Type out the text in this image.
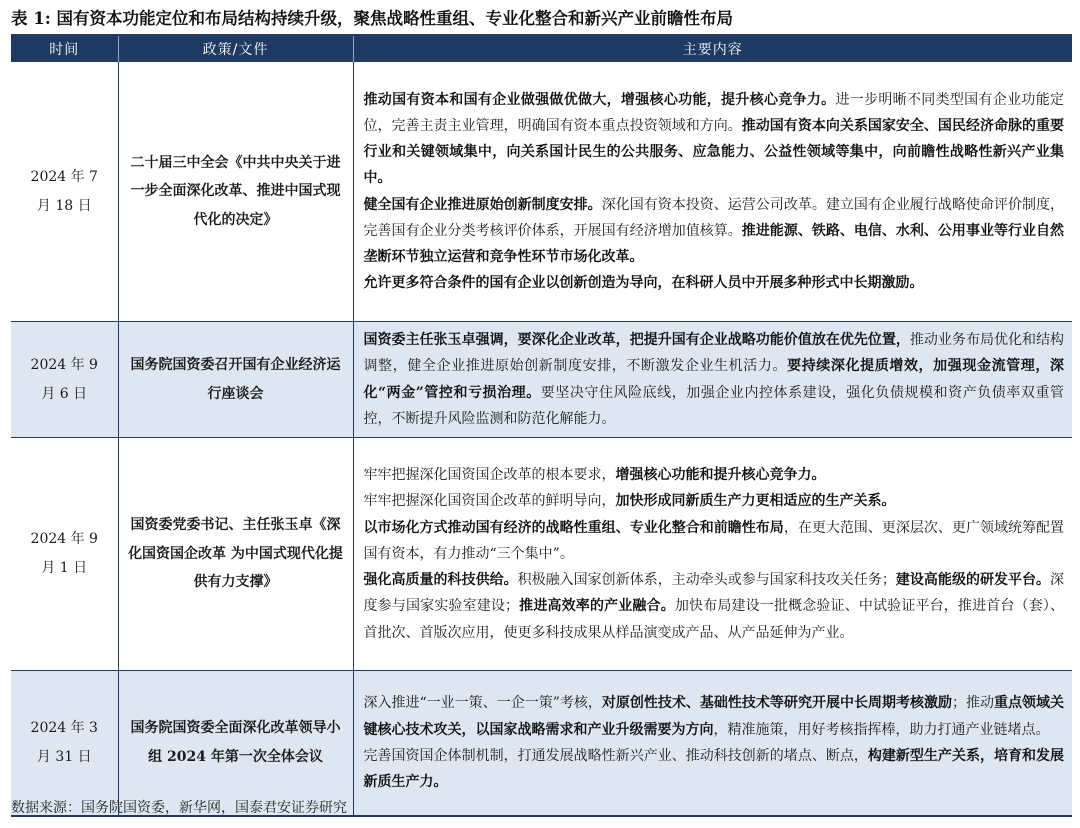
表 1: 国有资本功能定位和布局结构持续升级，聚焦战略性重组、专业化整合和新兴产业前瞻性布局
时间	政策/文件	主要内容
2024 年 7 月 18 日	二十届三中全会《中共中央关于进一步全面深化改革、推进中国式现代化的决定》	推动国有资本和国有企业做强做优做大，增强核心功能，提升核心竞争力。进一步明晰不同类型国有企业功能定位，完善主责主业管理，明确国有资本重点投资领域和方向。推动国有资本向关系国家安全、国民经济命脉的重要行业和关键领域集中，向关系国计民生的公共服务、应急能力、公益性领域等集中，向前瞻性战略性新兴产业集中。

健全国有企业推进原始创新制度安排。深化国有资本投资、运营公司改革。建立国有企业履行战略使命评价制度，完善国有企业分类考核评价体系，开展国有经济增加值核算。推进能源、铁路、电信、水利、公用事业等行业自然垄断环节独立运营和竞争性环节市场化改革。

允许更多符合条件的国有企业以创新创造为导向，在科研人员中开展多种形式中长期激励。

2024 年 9 月 6 日	国务院国资委召开国有企业经济运行座谈会	国资委主任张玉卓强调，要深化企业改革，把提升国有企业战略功能价值放在优先位置，推动业务布局优化和结构调整，健全企业推进原始创新制度安排，不断激发企业生机活力。要持续深化提质增效，加强现金流管理，深化“两金”管控和亏损治理。要坚决守住风险底线，加强企业内控体系建设，强化负债规模和资产负债率双重管控，不断提升风险监测和防范化解能力。

2024 年 9 月 1 日	国资委党委书记、主任张玉卓《深化国资国企改革 为中国式现代化提供有力支撑》	牢牢把握深化国资国企改革的根本要求，增强核心功能和提升核心竞争力。

牢牢把握深化国资国企改革的鲜明导向，加快形成同新质生产力更相适应的生产关系。

以市场化方式推动国有经济的战略性重组、专业化整合和前瞻性布局，在更大范围、更深层次、更广领域统筹配置国有资本，有力推动“三个集中”。

强化高质量的科技供给。积极融入国家创新体系，主动牵头或参与国家科技攻关任务；建设高能级的研发平台。深度参与国家实验室建设；推进高效率的产业融合。加快布局建设一批概念验证、中试验证平台，推进首台（套）、首批次、首版次应用，使更多科技成果从样品演变成产品、从产品延伸为产业。

2024 年 3 月 31 日	国务院国资委全面深化改革领导小组 2024 年第一次全体会议	深入推进“一业一策、一企一策”考核，对原创性技术、基础性技术等研究开展中长周期考核激励；推动重点领域关键核心技术攻关，以国家战略需求和产业升级需要为方向，精准施策，用好考核指挥棒，助力打通产业链堵点。

完善国资国企体制机制，打通发展战略性新兴产业、推动科技创新的堵点、断点，构建新型生产关系，培育和发展新质生产力。

数据来源：国务院国资委，新华网，国泰君安证券研究
